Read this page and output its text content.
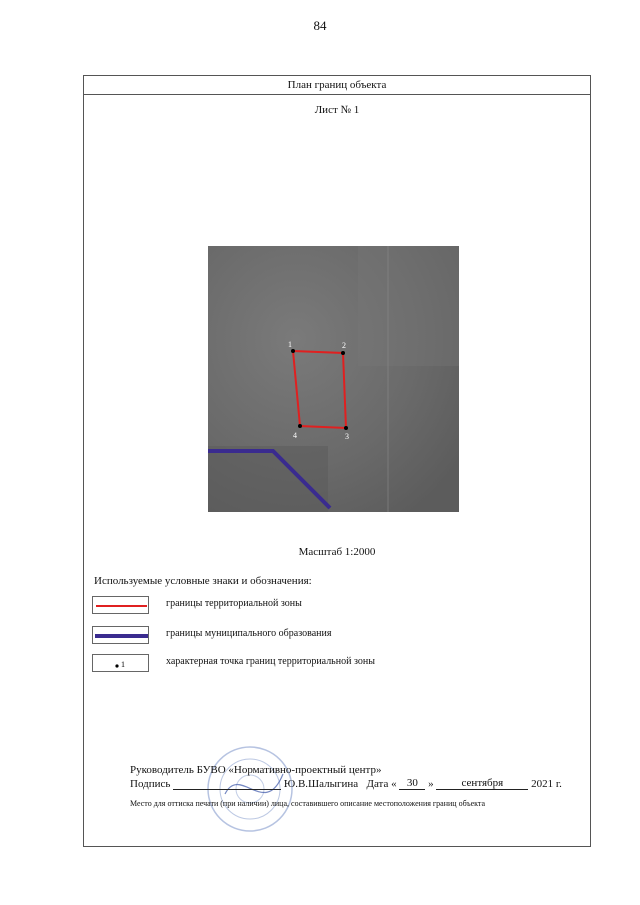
84
План границ объекта
Лист № 1
1	2
3
4
Масштаб 1:2000
Используемые условные знаки и обозначения:
границы территориальной зоны
границы муниципального образования
1	характерная точка границ территориальной зоны
Руководитель БУВО «Нормативно-проектный центр»
Подпись	Ю.В.Шалыгина Дата « 30 »	сентября	2021 г.
Место для оттиска печати (при наличии) лица, составившего описание местоположения границ объекта
